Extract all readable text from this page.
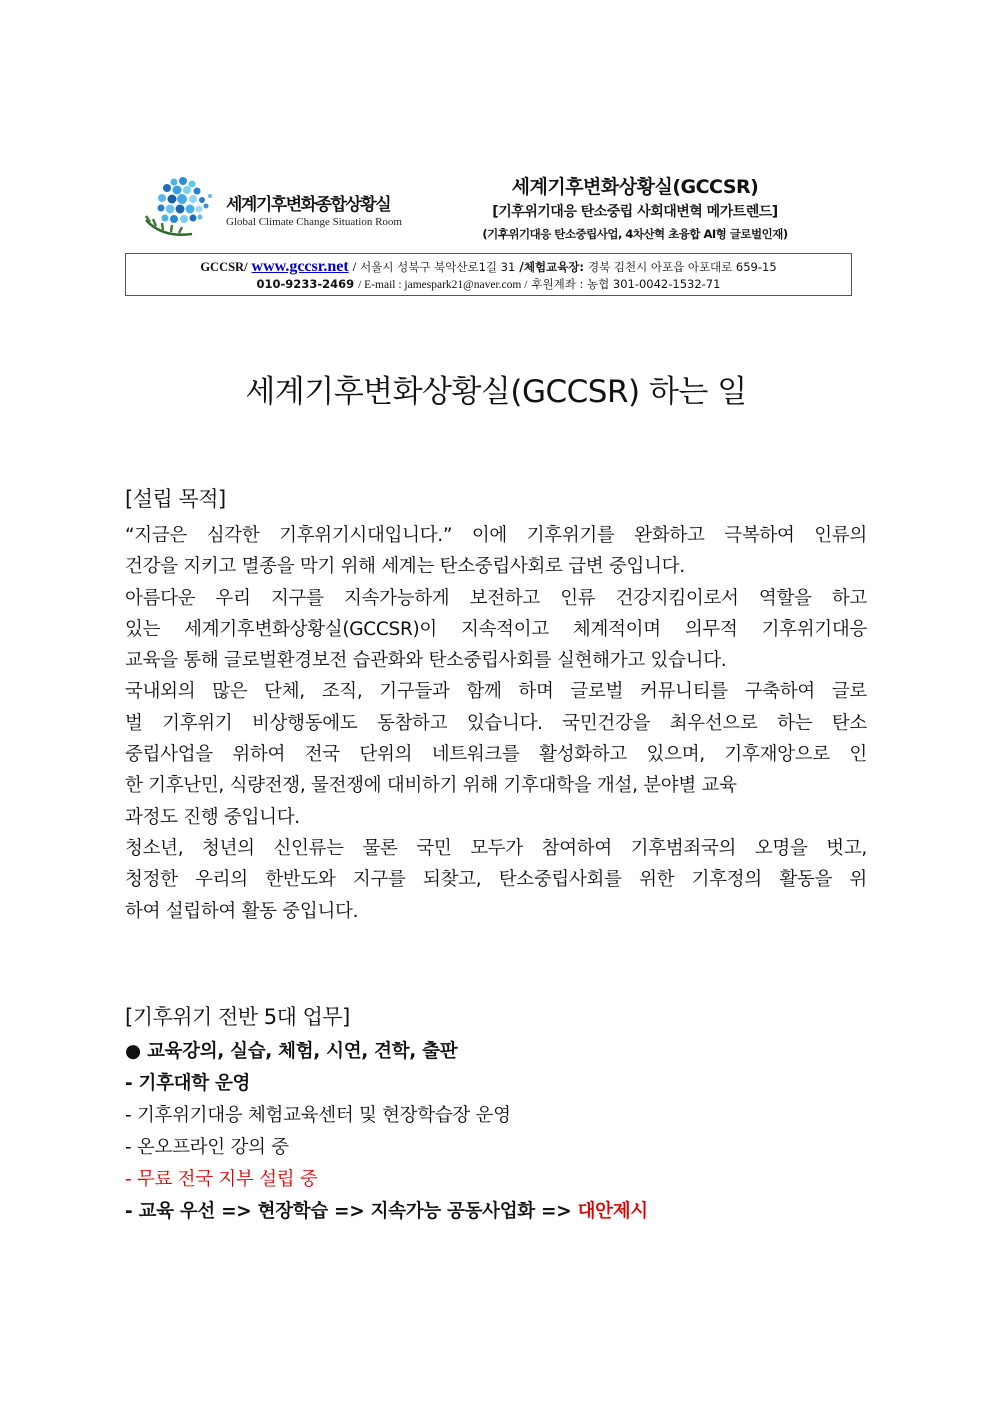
세계기후변화종합상황실
Global Climate Change Situation Room
세계기후변화상황실(GCCSR)
[기후위기대응 탄소중립 사회대변혁 메가트렌드]
(기후위기대응 탄소중립사업, 4차산혁 초융합 AI형 글로벌인재)
GCCSR/ www.gccsr.net / 서울시 성북구 북악산로1길 31 /체험교육장: 경북 김천시 아포읍 아포대로 659-15
010-9233-2469 / E-mail : jamespark21@naver.com / 후원계좌 : 농협 301-0042-1532-71
세계기후변화상황실(GCCSR) 하는 일
[설립 목적]
“지금은 심각한 기후위기시대입니다.” 이에 기후위기를 완화하고 극복하여 인류의
건강을 지키고 멸종을 막기 위해 세계는 탄소중립사회로 급변 중입니다.
아름다운 우리 지구를 지속가능하게 보전하고 인류 건강지킴이로서 역할을 하고
있는 세계기후변화상황실(GCCSR)이 지속적이고 체계적이며 의무적 기후위기대응
교육을 통해 글로벌환경보전 습관화와 탄소중립사회를 실현해가고 있습니다.
국내외의 많은 단체, 조직, 기구들과 함께 하며 글로벌 커뮤니티를 구축하여 글로
벌 기후위기 비상행동에도 동참하고 있습니다. 국민건강을 최우선으로 하는 탄소
중립사업을 위하여 전국 단위의 네트워크를 활성화하고 있으며, 기후재앙으로 인
한 기후난민, 식량전쟁, 물전쟁에 대비하기 위해 기후대학을 개설, 분야별 교육
과정도 진행 중입니다.
청소년, 청년의 신인류는 물론 국민 모두가 참여하여 기후범죄국의 오명을 벗고,
청정한 우리의 한반도와 지구를 되찾고, 탄소중립사회를 위한 기후정의 활동을 위
하여 설립하여 활동 중입니다.
[기후위기 전반 5대 업무]
● 교육강의, 실습, 체험, 시연, 견학, 출판
- 기후대학 운영
- 기후위기대응 체험교육센터 및 현장학습장 운영
- 온오프라인 강의 중
- 무료 전국 지부 설립 중
- 교육 우선 => 현장학습 => 지속가능 공동사업화 => 대안제시
